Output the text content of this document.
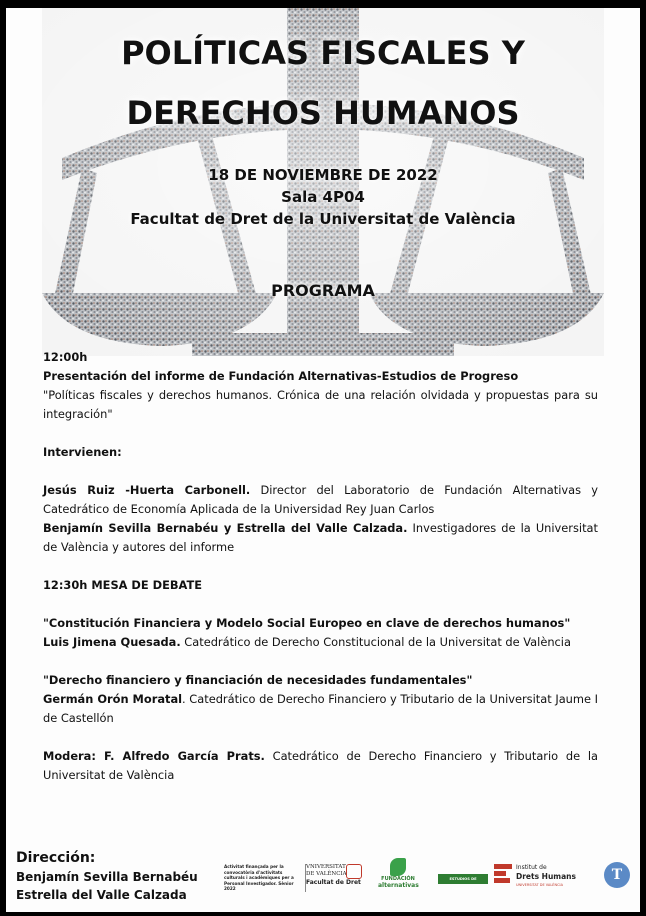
POLÍTICAS FISCALES Y
DERECHOS HUMANOS
18 DE NOVIEMBRE DE 2022
Sala 4P04
Facultat de Dret de la Universitat de València
PROGRAMA

12:00h

Presentación del informe de Fundación Alternativas-Estudios de Progreso

"Políticas fiscales y derechos humanos. Crónica de una relación olvidada y propuestas para su integración"

Intervienen:

Jesús Ruiz -Huerta Carbonell. Director del Laboratorio de Fundación Alternativas y Catedrático de Economía Aplicada de la Universidad Rey Juan Carlos

Benjamín Sevilla Bernabéu y Estrella del Valle Calzada. Investigadores de la Universitat de València y autores del informe

12:30h MESA DE DEBATE

"Constitución Financiera y Modelo Social Europeo en clave de derechos humanos"

Luis Jimena Quesada. Catedrático de Derecho Constitucional de la Universitat de València

"Derecho financiero y financiación de necesidades fundamentales"

Germán Orón Moratal. Catedrático de Derecho Financiero y Tributario de la Universitat Jaume I de Castellón

Modera: F. Alfredo García Prats. Catedrático de Derecho Financiero y Tributario de la Universitat de València

Dirección:
Benjamín Sevilla Bernabéu
Estrella del Valle Calzada
Activitat finançada per la convocatòria d'activitats culturals i acadèmiques per a Personal Investigador. Sènior 2022
VNIVERSITAT
DE VALÈNCIA
Facultat de Dret	FUNDACIÓN
alternativas
ESTUDIOS DE PROGRESO
Institut de
Drets Humans
UNIVERSITAT DE VALÈNCIA
T
